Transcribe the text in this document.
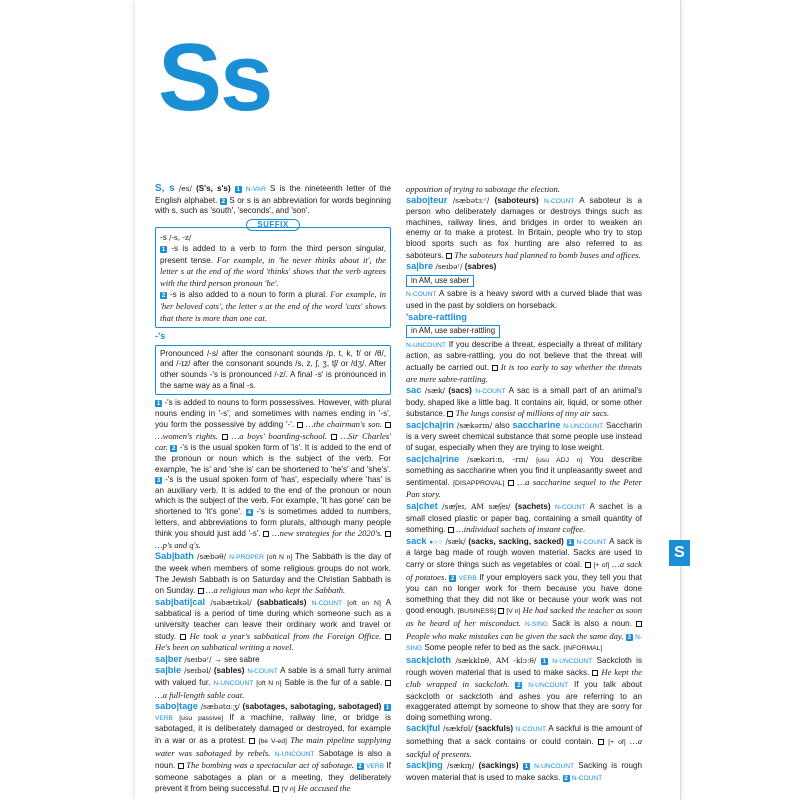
Ss

S, s /es/ (S's, s's) 1 N-VAR S is the nineteenth letter of the English alphabet. 2 S or s is an abbreviation for words beginning with s, such as 'south', 'seconds', and 'son'.

SUFFIX

-s /-s, -z/

1 -s is added to a verb to form the third person singular, present tense. For example, in 'he never thinks about it', the letter s at the end of the word 'thinks' shows that the verb agrees with the third person pronoun 'he'.

2 -s is also added to a noun to form a plural. For example, in 'her beloved cats', the letter s at the end of the word 'cats' shows that there is more than one cat.

-'s

Pronounced /-s/ after the consonant sounds /p, t, k, f/ or /θ/, and /-ɪz/ after the consonant sounds /s, z, ʃ, ʒ, tʃ/ or /dʒ/. After other sounds -'s is pronounced /-z/. A final -s' is pronounced in the same way as a final -s.

1 -'s is added to nouns to form possessives. However, with plural nouns ending in '-s', and sometimes with names ending in '-s', you form the possessive by adding '-'. …the chairman's son.  …women's rights. …a boys' boarding-school. …Sir Charles' car. 2 -'s is the usual spoken form of 'is'. It is added to the end of the pronoun or noun which is the subject of the verb. For example, 'he is' and 'she is' can be shortened to 'he's' and 'she's'. 3 -'s is the usual spoken form of 'has', especially where 'has' is an auxiliary verb. It is added to the end of the pronoun or noun which is the subject of the verb. For example, 'It has gone' can be shortened to 'It's gone'. 4 -'s is sometimes added to numbers, letters, and abbreviations to form plurals, although many people think you should just add '-s'. …new strategies for the 2020's.  …p's and q's.

Sab|bath /sæbəθ/ N-PROPER [oft N n] The Sabbath is the day of the week when members of some religious groups do not work. The Jewish Sabbath is on Saturday and the Christian Sabbath is on Sunday. …a religious man who kept the Sabbath.

sab|bati|cal /səbætɪkəl/ (sabbaticals) N-COUNT [oft on N] A sabbatical is a period of time during which someone such as a university teacher can leave their ordinary work and travel or study. He took a year's sabbatical from the Foreign Office.  He's been on sabbatical writing a novel.

sa|ber /seɪbəʳ/ → see sabre

sa|ble /seɪbəl/ (sables) N-COUNT A sable is a small furry animal with valued fur. N-UNCOUNT [oft N n] Sable is the fur of a sable.  …a full-length sable coat.

sabo|tage /sæbətɑːʒ/ (sabotages, sabotaging, sabotaged) 1 VERB [usu passive] If a machine, railway line, or bridge is sabotaged, it is deliberately damaged or destroyed, for example in a war or as a protest. [be V-ed] The main pipeline supplying water was sabotaged by rebels. N-UNCOUNT Sabotage is also a noun. The bombing was a spectacular act of sabotage. 2 VERB If someone sabotages a plan or a meeting, they deliberately prevent it from being successful. [V n] He accused the

opposition of trying to sabotage the election.

sabo|teur /sæbətɜːʳ/ (saboteurs) N-COUNT A saboteur is a person who deliberately damages or destroys things such as machines, railway lines, and bridges in order to weaken an enemy or to make a protest. In Britain, people who try to stop blood sports such as fox hunting are also referred to as saboteurs. The saboteurs had planned to bomb buses and offices.

sa|bre /seɪbəʳ/ (sabres)

in AM, use saber

N-COUNT A sabre is a heavy sword with a curved blade that was used in the past by soldiers on horseback.

'sabre-rattling

in AM, use saber-rattling

N-UNCOUNT If you describe a threat, especially a threat of military action, as sabre-rattling, you do not believe that the threat will actually be carried out. It is too early to say whether the threats are mere sabre-rattling.

sac /sæk/ (sacs) N-COUNT A sac is a small part of an animal's body, shaped like a little bag. It contains air, liquid, or some other substance. The lungs consist of millions of tiny air sacs.

sac|cha|rin /sækərɪn/ also saccharine N-UNCOUNT Saccharin is a very sweet chemical substance that some people use instead of sugar, especially when they are trying to lose weight.

sac|cha|rine /sækəriːn, -rɪn/ [usu ADJ n] You describe something as saccharine when you find it unpleasantly sweet and sentimental. [DISAPPROVAL] …a saccharine sequel to the Peter Pan story.

sa|chet /sæʃeɪ, AM sæʃeɪ/ (sachets) N-COUNT A sachet is a small closed plastic or paper bag, containing a small quantity of something. …individual sachets of instant coffee.

sack ●○○ /sæk/ (sacks, sacking, sacked) 1 N-COUNT A sack is a large bag made of rough woven material. Sacks are used to carry or store things such as vegetables or coal. [+ of] …a sack of potatoes. 2 VERB If your employers sack you, they tell you that you can no longer work for them because you have done something that they did not like or because your work was not good enough. [BUSINESS] [V n] He had sacked the teacher as soon as he heard of her misconduct. N-SING Sack is also a noun.  People who make mistakes can be given the sack the same day. 3 N-SING Some people refer to bed as the sack. [INFORMAL]

sack|cloth /sækklɒθ, AM -klɔːθ/ 1 N-UNCOUNT Sackcloth is rough woven material that is used to make sacks. He kept the club wrapped in sackcloth. 2 N-UNCOUNT If you talk about sackcloth or sackcloth and ashes you are referring to an exaggerated attempt by someone to show that they are sorry for doing something wrong.

sack|ful /sækfʊl/ (sackfuls) N-COUNT A sackful is the amount of something that a sack contains or could contain. [+ of] …a sackful of presents.

sack|ing /sækɪŋ/ (sackings) 1 N-UNCOUNT Sacking is rough woven material that is used to make sacks. 2 N-COUNT

S
